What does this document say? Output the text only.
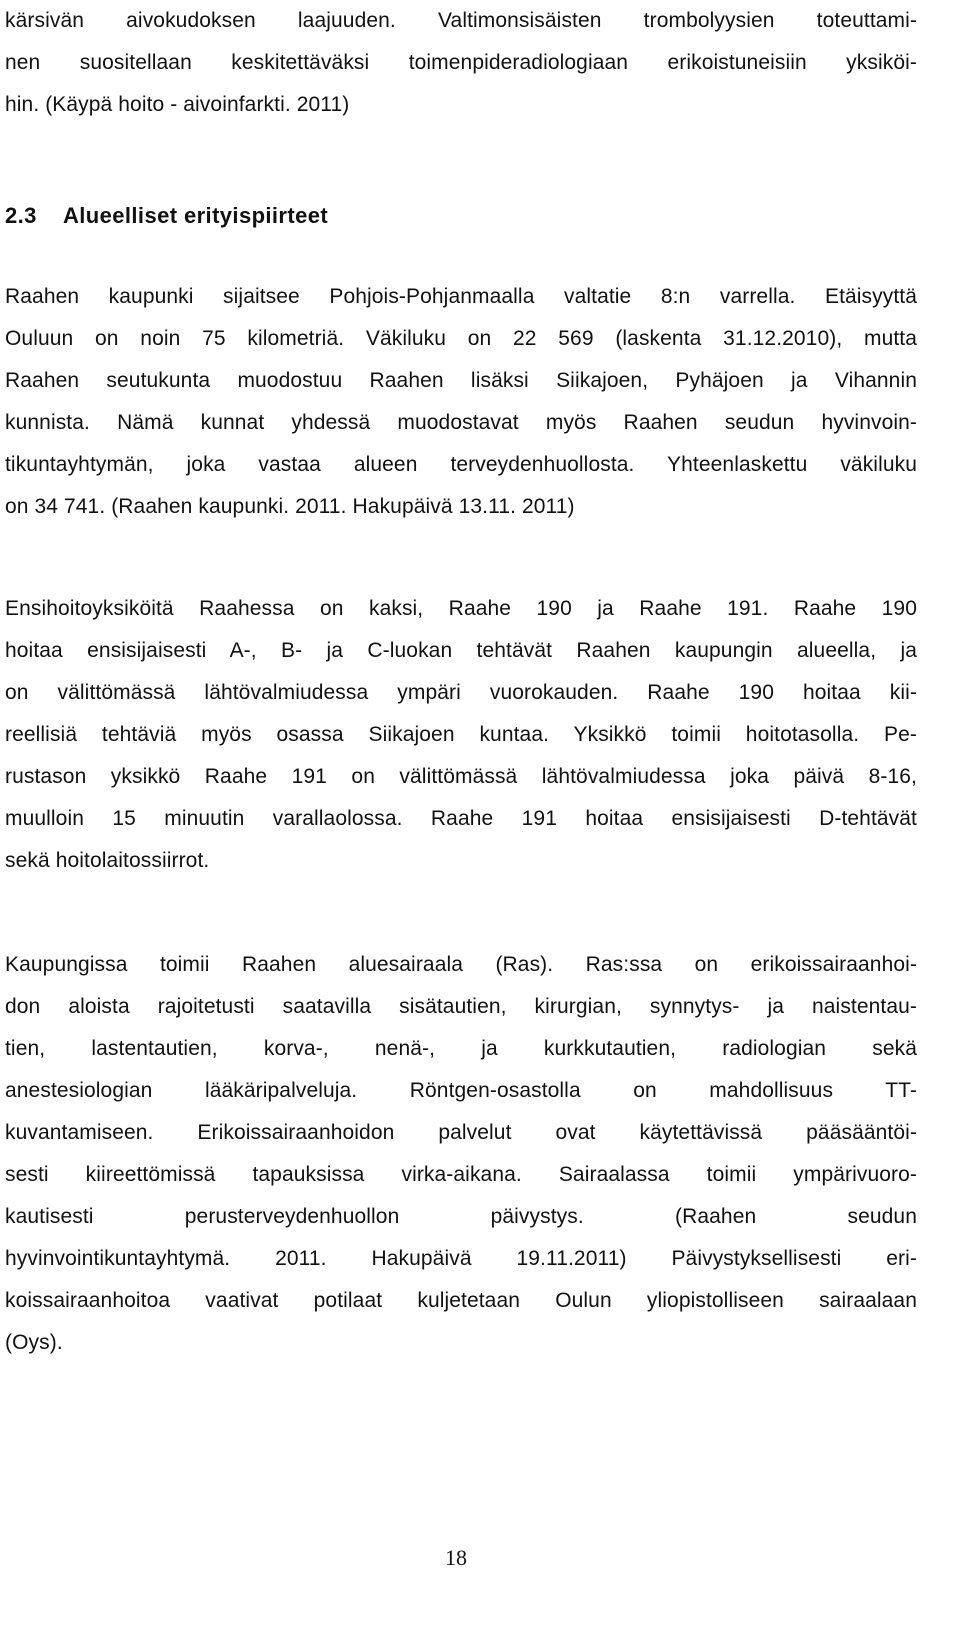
kärsivän aivokudoksen laajuuden. Valtimonsisäisten trombolyysien toteuttami-
nen suositellaan keskitettäväksi toimenpideradiologiaan erikoistuneisiin yksiköi-
hin. (Käypä hoito - aivoinfarkti. 2011)
2.3 Alueelliset erityispiirteet
Raahen kaupunki sijaitsee Pohjois-Pohjanmaalla valtatie 8:n varrella. Etäisyyttä
Ouluun on noin 75 kilometriä. Väkiluku on 22 569 (laskenta 31.12.2010), mutta
Raahen seutukunta muodostuu Raahen lisäksi Siikajoen, Pyhäjoen ja Vihannin
kunnista. Nämä kunnat yhdessä muodostavat myös Raahen seudun hyvinvoin-
tikuntayhtymän, joka vastaa alueen terveydenhuollosta. Yhteenlaskettu väkiluku
on 34 741. (Raahen kaupunki. 2011. Hakupäivä 13.11. 2011)
Ensihoitoyksiköitä Raahessa on kaksi, Raahe 190 ja Raahe 191. Raahe 190
hoitaa ensisijaisesti A-, B- ja C-luokan tehtävät Raahen kaupungin alueella, ja
on välittömässä lähtövalmiudessa ympäri vuorokauden. Raahe 190 hoitaa kii-
reellisiä tehtäviä myös osassa Siikajoen kuntaa. Yksikkö toimii hoitotasolla. Pe-
rustason yksikkö Raahe 191 on välittömässä lähtövalmiudessa joka päivä 8-16,
muulloin 15 minuutin varallaolossa. Raahe 191 hoitaa ensisijaisesti D-tehtävät
sekä hoitolaitossiirrot.
Kaupungissa toimii Raahen aluesairaala (Ras). Ras:ssa on erikoissairaanhoi-
don aloista rajoitetusti saatavilla sisätautien, kirurgian, synnytys- ja naistentau-
tien, lastentautien, korva-, nenä-, ja kurkkutautien, radiologian sekä
anestesiologian lääkäripalveluja. Röntgen-osastolla on mahdollisuus TT-
kuvantamiseen. Erikoissairaanhoidon palvelut ovat käytettävissä pääsääntöi-
sesti kiireettömissä tapauksissa virka-aikana. Sairaalassa toimii ympärivuoro-
kautisesti perusterveydenhuollon päivystys. (Raahen seudun
hyvinvointikuntayhtymä. 2011. Hakupäivä 19.11.2011) Päivystyksellisesti eri-
koissairaanhoitoa vaativat potilaat kuljetetaan Oulun yliopistolliseen sairaalaan
(Oys).
18
